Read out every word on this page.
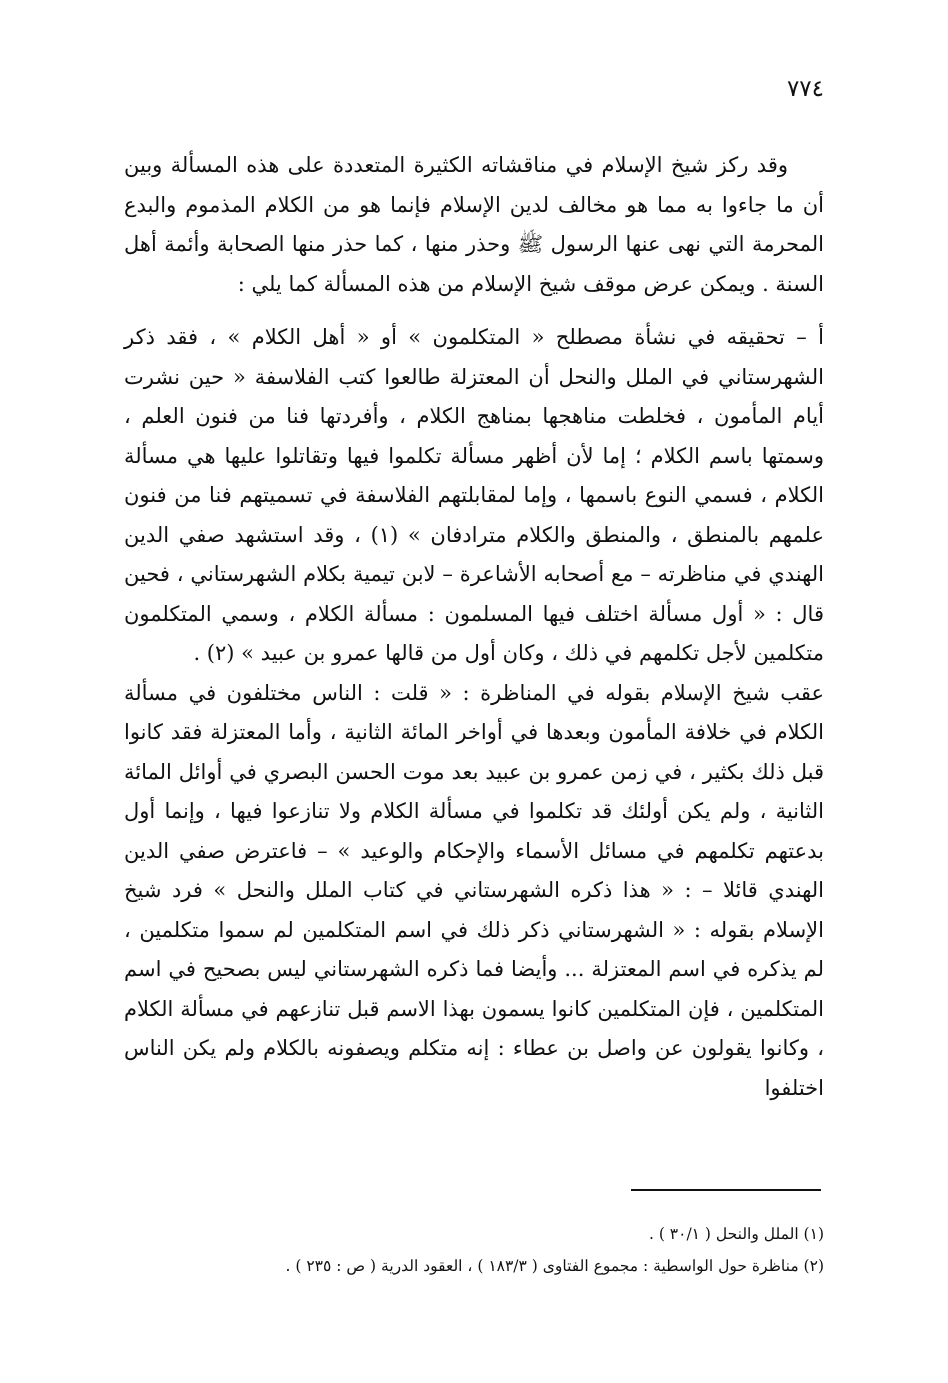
٧٧٤

وقد ركز شيخ الإسلام في مناقشاته الكثيرة المتعددة على هذه المسألة وبين أن ما جاءوا به مما هو مخالف لدين الإسلام فإنما هو من الكلام المذموم والبدع المحرمة التي نهى عنها الرسول ﷺ وحذر منها ، كما حذر منها الصحابة وأئمة أهل السنة . ويمكن عرض موقف شيخ الإسلام من هذه المسألة كما يلي :

أ – تحقيقه في نشأة مصطلح « المتكلمون » أو « أهل الكلام » ، فقد ذكر الشهرستاني في الملل والنحل أن المعتزلة طالعوا كتب الفلاسفة « حين نشرت أيام المأمون ، فخلطت مناهجها بمناهج الكلام ، وأفردتها فنا من فنون العلم ، وسمتها باسم الكلام ؛ إما لأن أظهر مسألة تكلموا فيها وتقاتلوا عليها هي مسألة الكلام ، فسمي النوع باسمها ، وإما لمقابلتهم الفلاسفة في تسميتهم فنا من فنون علمهم بالمنطق ، والمنطق والكلام مترادفان » (١) ، وقد استشهد صفي الدين الهندي في مناظرته – مع أصحابه الأشاعرة – لابن تيمية بكلام الشهرستاني ، فحين قال : « أول مسألة اختلف فيها المسلمون : مسألة الكلام ، وسمي المتكلمون متكلمين لأجل تكلمهم في ذلك ، وكان أول من قالها عمرو بن عبيد » (٢) .

عقب شيخ الإسلام بقوله في المناظرة : « قلت : الناس مختلفون في مسألة الكلام في خلافة المأمون وبعدها في أواخر المائة الثانية ، وأما المعتزلة فقد كانوا قبل ذلك بكثير ، في زمن عمرو بن عبيد بعد موت الحسن البصري في أوائل المائة الثانية ، ولم يكن أولئك قد تكلموا في مسألة الكلام ولا تنازعوا فيها ، وإنما أول بدعتهم تكلمهم في مسائل الأسماء والإحكام والوعيد » – فاعترض صفي الدين الهندي قائلا – : « هذا ذكره الشهرستاني في كتاب الملل والنحل » فرد شيخ الإسلام بقوله : « الشهرستاني ذكر ذلك في اسم المتكلمين لم سموا متكلمين ، لم يذكره في اسم المعتزلة ... وأيضا فما ذكره الشهرستاني ليس بصحيح في اسم المتكلمين ، فإن المتكلمين كانوا يسمون بهذا الاسم قبل تنازعهم في مسألة الكلام ، وكانوا يقولون عن واصل بن عطاء : إنه متكلم ويصفونه بالكلام ولم يكن الناس اختلفوا

(١) الملل والنحل ( ٣٠/١ ) .

(٢) مناظرة حول الواسطية : مجموع الفتاوى ( ١٨٣/٣ ) ، العقود الدرية ( ص : ٢٣٥ ) .
